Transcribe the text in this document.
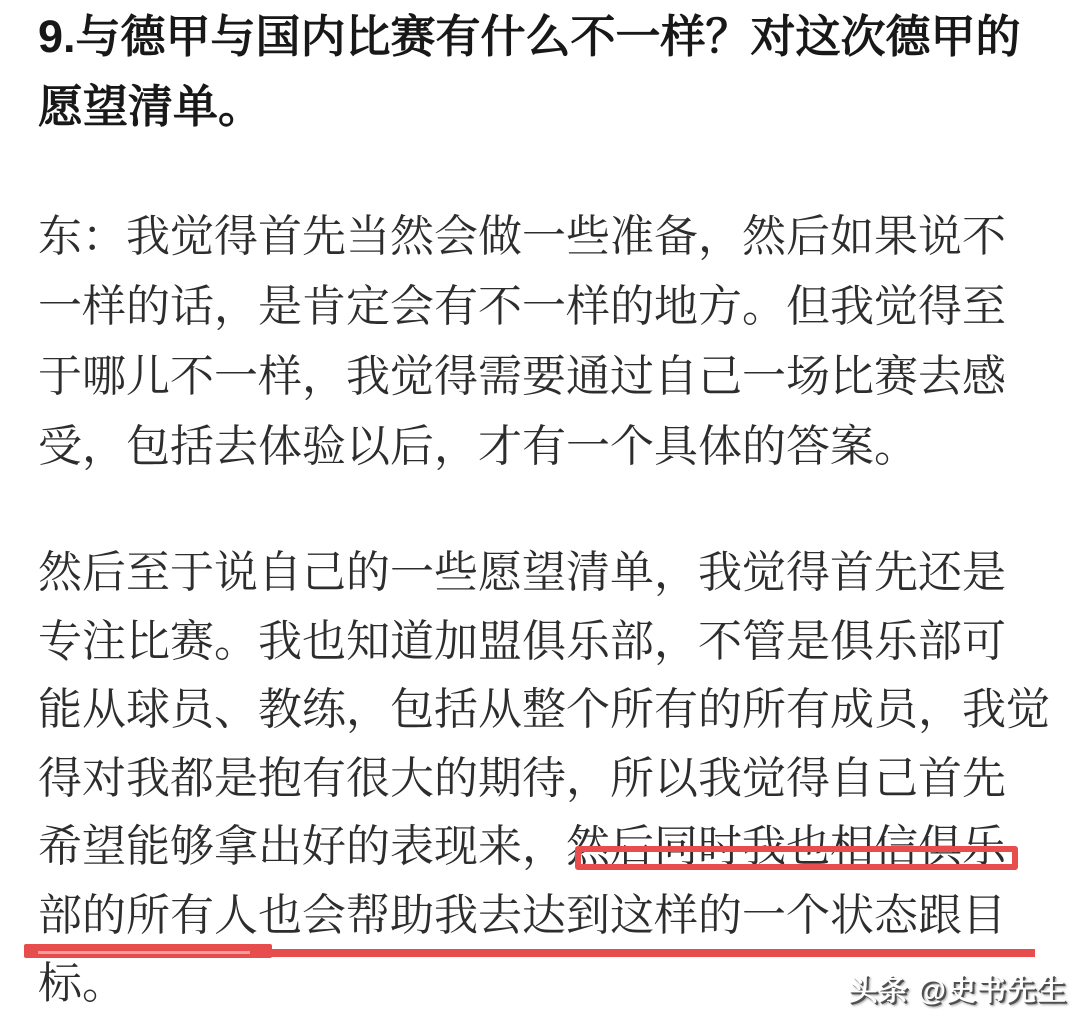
9.与德甲与国内比赛有什么不一样？对这次德甲的
愿望清单。
东：我觉得首先当然会做一些准备，然后如果说不
一样的话，是肯定会有不一样的地方。但我觉得至
于哪儿不一样，我觉得需要通过自己一场比赛去感
受，包括去体验以后，才有一个具体的答案。
然后至于说自己的一些愿望清单，我觉得首先还是
专注比赛。我也知道加盟俱乐部，不管是俱乐部可
能从球员、教练，包括从整个所有的所有成员，我觉
得对我都是抱有很大的期待，所以我觉得自己首先
希望能够拿出好的表现来，然后同时我也相信俱乐
部的所有人也会帮助我去达到这样的一个状态跟目
标。	头条 @史书先生
